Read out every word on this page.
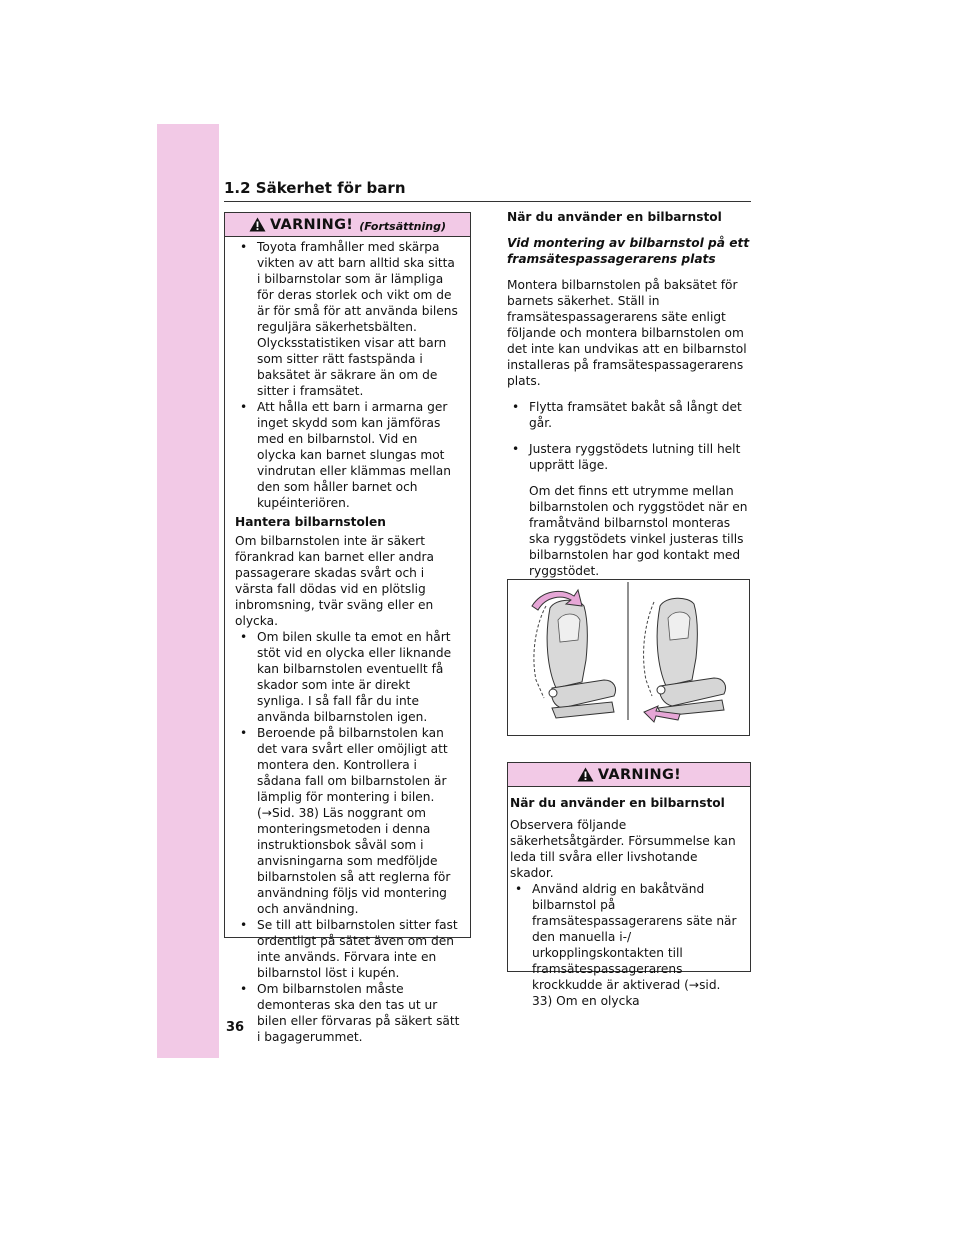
1.2 Säkerhet för barn
VARNING! (Fortsättning)

• Toyota framhåller med skärpa vikten av att barn alltid ska sitta i bilbarnstolar som är lämpliga för deras storlek och vikt om de är för små för att använda bilens reguljära säkerhetsbälten. Olycksstatistiken visar att barn som sitter rätt fastspända i baksätet är säkrare än om de sitter i framsätet.

• Att hålla ett barn i armarna ger inget skydd som kan jämföras med en bilbarnstol. Vid en olycka kan barnet slungas mot vindrutan eller klämmas mellan den som håller barnet och kupéinteriören.

Hantera bilbarnstolen

Om bilbarnstolen inte är säkert förankrad kan barnet eller andra passagerare skadas svårt och i värsta fall dödas vid en plötslig inbromsning, tvär sväng eller en olycka.

• Om bilen skulle ta emot en hårt stöt vid en olycka eller liknande kan bilbarnstolen eventuellt få skador som inte är direkt synliga. I så fall får du inte använda bilbarnstolen igen.

• Beroende på bilbarnstolen kan det vara svårt eller omöjligt att montera den. Kontrollera i sådana fall om bilbarnstolen är lämplig för montering i bilen. (→Sid. 38) Läs noggrant om monteringsmetoden i denna instruktionsbok såväl som i anvisningarna som medföljde bilbarnstolen så att reglerna för användning följs vid montering och användning.

• Se till att bilbarnstolen sitter fast ordentligt på sätet även om den inte används. Förvara inte en bilbarnstol löst i kupén.

• Om bilbarnstolen måste demonteras ska den tas ut ur bilen eller förvaras på säkert sätt i bagagerummet.

När du använder en bilbarnstol

Vid montering av bilbarnstol på ett framsätespassagerarens plats

Montera bilbarnstolen på baksätet för barnets säkerhet. Ställ in framsätespassagerarens säte enligt följande och montera bilbarnstolen om det inte kan undvikas att en bilbarnstol installeras på framsätespassagerarens plats.

• Flytta framsätet bakåt så långt det går.

• Justera ryggstödets lutning till helt upprätt läge.

Om det finns ett utrymme mellan bilbarnstolen och ryggstödet när en framåtvänd bilbarnstol monteras ska ryggstödets vinkel justeras tills bilbarnstolen har god kontakt med ryggstödet.

VARNING!

När du använder en bilbarnstol

Observera följande säkerhetsåtgärder. Försummelse kan leda till svåra eller livshotande skador.

• Använd aldrig en bakåtvänd bilbarnstol på framsätespassagerarens säte när den manuella i-/ urkopplingskontakten till framsätespassagerarens krockkudde är aktiverad (→sid. 33) Om en olycka

36
